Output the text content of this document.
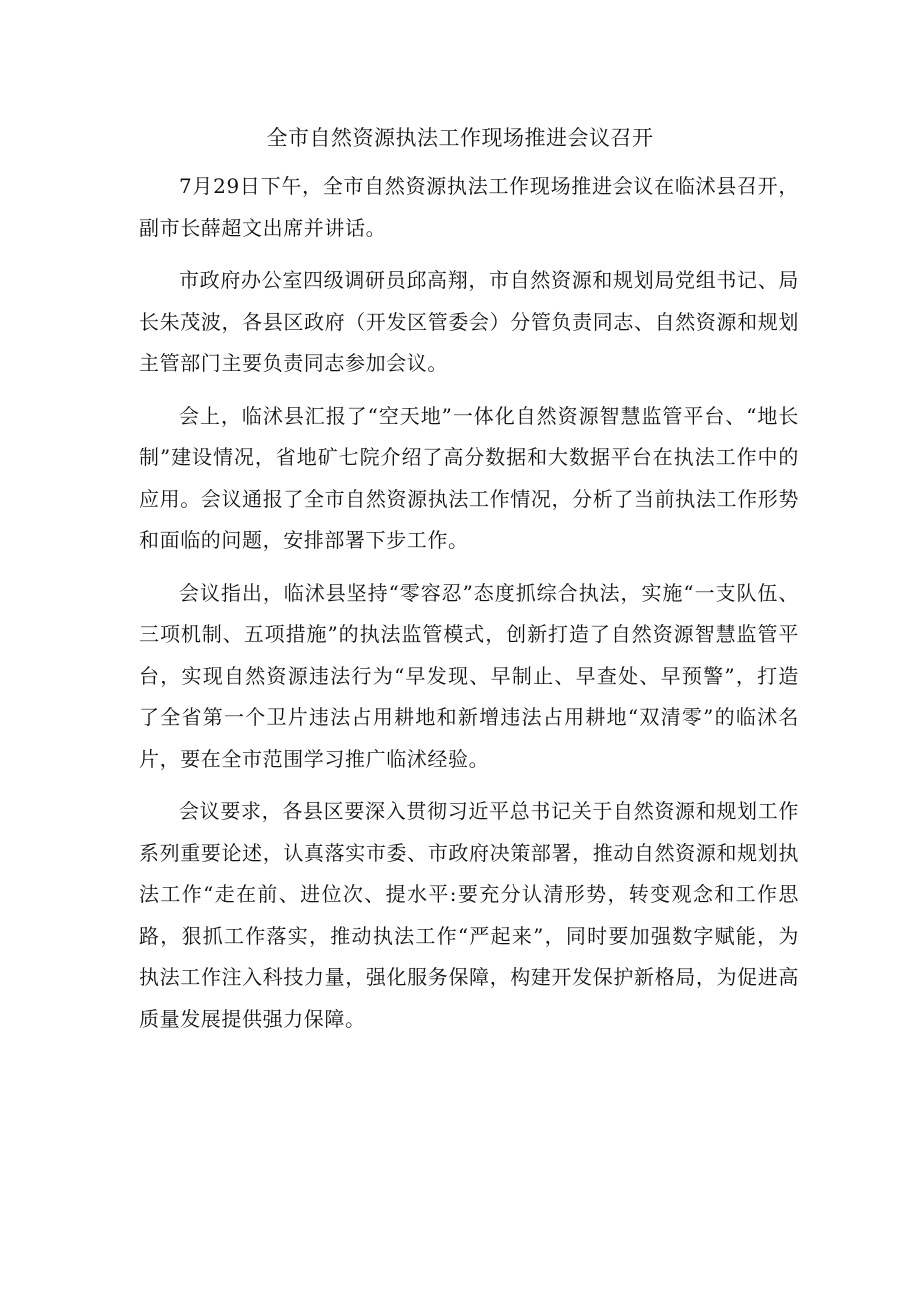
全市自然资源执法工作现场推进会议召开

7月29日下午，全市自然资源执法工作现场推进会议在临沭县召开，副市长薛超文出席并讲话。

市政府办公室四级调研员邱高翔，市自然资源和规划局党组书记、局长朱茂波，各县区政府（开发区管委会）分管负责同志、自然资源和规划主管部门主要负责同志参加会议。

会上，临沭县汇报了“空天地”一体化自然资源智慧监管平台、“地长制”建设情况，省地矿七院介绍了高分数据和大数据平台在执法工作中的应用。会议通报了全市自然资源执法工作情况，分析了当前执法工作形势和面临的问题，安排部署下步工作。

会议指出，临沭县坚持“零容忍”态度抓综合执法，实施“一支队伍、三项机制、五项措施”的执法监管模式，创新打造了自然资源智慧监管平台，实现自然资源违法行为“早发现、早制止、早查处、早预警”，打造了全省第一个卫片违法占用耕地和新增违法占用耕地“双清零”的临沭名片，要在全市范围学习推广临沭经验。

会议要求，各县区要深入贯彻习近平总书记关于自然资源和规划工作系列重要论述，认真落实市委、市政府决策部署，推动自然资源和规划执法工作“走在前、进位次、提水平:要充分认清形势，转变观念和工作思路，狠抓工作落实，推动执法工作“严起来”，同时要加强数字赋能，为执法工作注入科技力量，强化服务保障，构建开发保护新格局，为促进高质量发展提供强力保障。
